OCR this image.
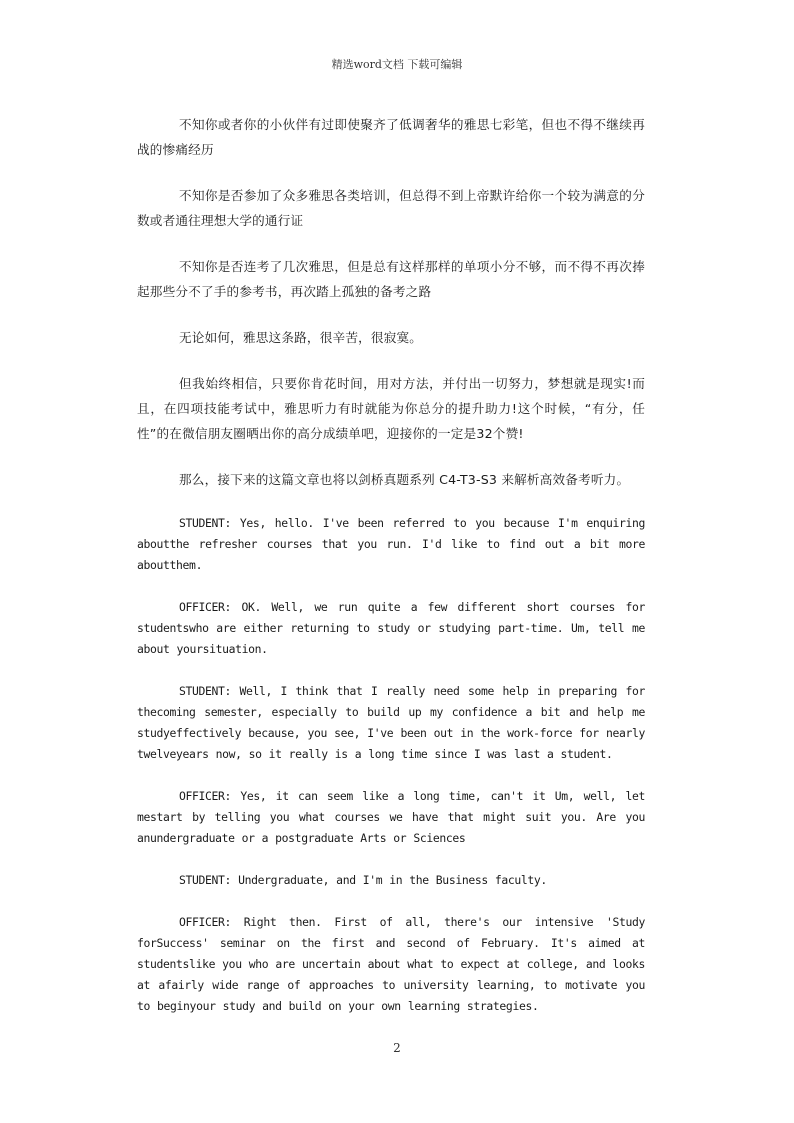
精选word文档 下载可编辑

不知你或者你的小伙伴有过即使聚齐了低调奢华的雅思七彩笔，但也不得不继续再战的惨痛经历

不知你是否参加了众多雅思各类培训，但总得不到上帝默许给你一个较为满意的分数或者通往理想大学的通行证

不知你是否连考了几次雅思，但是总有这样那样的单项小分不够，而不得不再次捧起那些分不了手的参考书，再次踏上孤独的备考之路

无论如何，雅思这条路，很辛苦，很寂寞。

但我始终相信，只要你肯花时间，用对方法，并付出一切努力，梦想就是现实!而且，在四项技能考试中，雅思听力有时就能为你总分的提升助力!这个时候，“有分，任性”的在微信朋友圈晒出你的高分成绩单吧，迎接你的一定是32个赞!

那么，接下来的这篇文章也将以剑桥真题系列 C4-T3-S3 来解析高效备考听力。

STUDENT: Yes, hello. I've been referred to you because I'm enquiring aboutthe refresher courses that you run. I'd like to find out a bit more aboutthem.

OFFICER: OK. Well, we run quite a few different short courses for studentswho are either returning to study or studying part-time. Um, tell me about yoursituation.

STUDENT: Well, I think that I really need some help in preparing for thecoming semester, especially to build up my confidence a bit and help me studyeffectively because, you see, I've been out in the work-force for nearly twelveyears now, so it really is a long time since I was last a student.

OFFICER: Yes, it can seem like a long time, can't it Um, well, let mestart by telling you what courses we have that might suit you. Are you anundergraduate or a postgraduate Arts or Sciences

STUDENT: Undergraduate, and I'm in the Business faculty.

OFFICER: Right then. First of all, there's our intensive 'Study forSuccess' seminar on the first and second of February. It's aimed at studentslike you who are uncertain about what to expect at college, and looks at afairly wide range of approaches to university learning, to motivate you to beginyour study and build on your own learning strategies.

2
